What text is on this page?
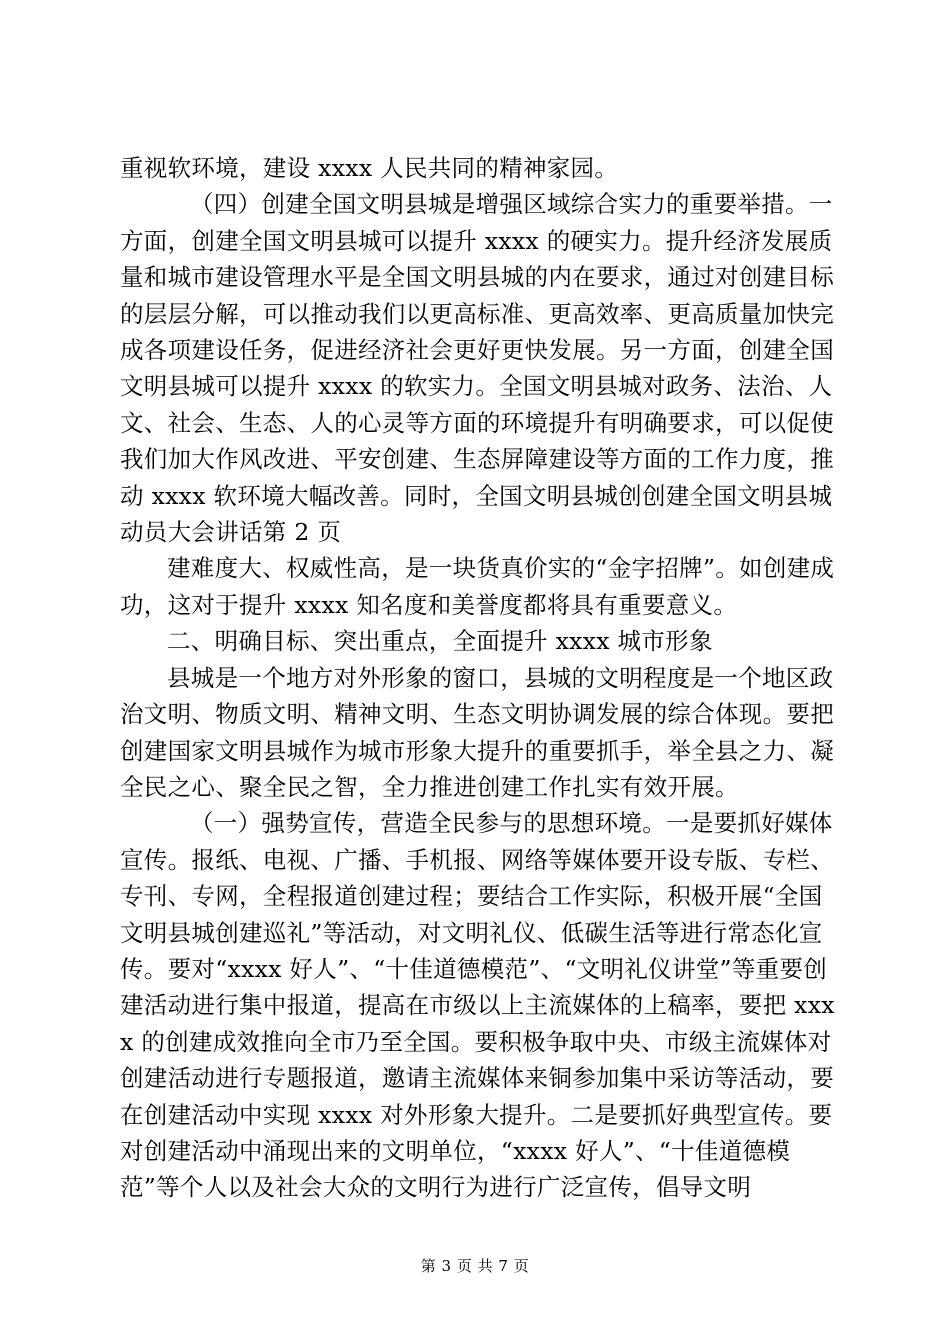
重视软环境，建设 xxxx 人民共同的精神家园。

（四）创建全国文明县城是增强区域综合实力的重要举措。一方面，创建全国文明县城可以提升 xxxx 的硬实力。提升经济发展质量和城市建设管理水平是全国文明县城的内在要求，通过对创建目标的层层分解，可以推动我们以更高标准、更高效率、更高质量加快完成各项建设任务，促进经济社会更好更快发展。另一方面，创建全国文明县城可以提升 xxxx 的软实力。全国文明县城对政务、法治、人文、社会、生态、人的心灵等方面的环境提升有明确要求，可以促使我们加大作风改进、平安创建、生态屏障建设等方面的工作力度，推动 xxxx 软环境大幅改善。同时，全国文明县城创创建全国文明县城动员大会讲话第 2 页

建难度大、权威性高，是一块货真价实的“金字招牌”。如创建成功，这对于提升 xxxx 知名度和美誉度都将具有重要意义。

二、明确目标、突出重点，全面提升 xxxx 城市形象

县城是一个地方对外形象的窗口，县城的文明程度是一个地区政治文明、物质文明、精神文明、生态文明协调发展的综合体现。要把创建国家文明县城作为城市形象大提升的重要抓手，举全县之力、凝全民之心、聚全民之智，全力推进创建工作扎实有效开展。

（一）强势宣传，营造全民参与的思想环境。一是要抓好媒体宣传。报纸、电视、广播、手机报、网络等媒体要开设专版、专栏、专刊、专网，全程报道创建过程；要结合工作实际，积极开展“全国文明县城创建巡礼”等活动，对文明礼仪、低碳生活等进行常态化宣传。要对“xxxx 好人”、“十佳道德模范”、“文明礼仪讲堂”等重要创建活动进行集中报道，提高在市级以上主流媒体的上稿率，要把 xxxx 的创建成效推向全市乃至全国。要积极争取中央、市级主流媒体对创建活动进行专题报道，邀请主流媒体来铜参加集中采访等活动，要在创建活动中实现 xxxx 对外形象大提升。二是要抓好典型宣传。要对创建活动中涌现出来的文明单位，“xxxx 好人”、“十佳道德模范”等个人以及社会大众的文明行为进行广泛宣传，倡导文明

第 3 页 共 7 页
